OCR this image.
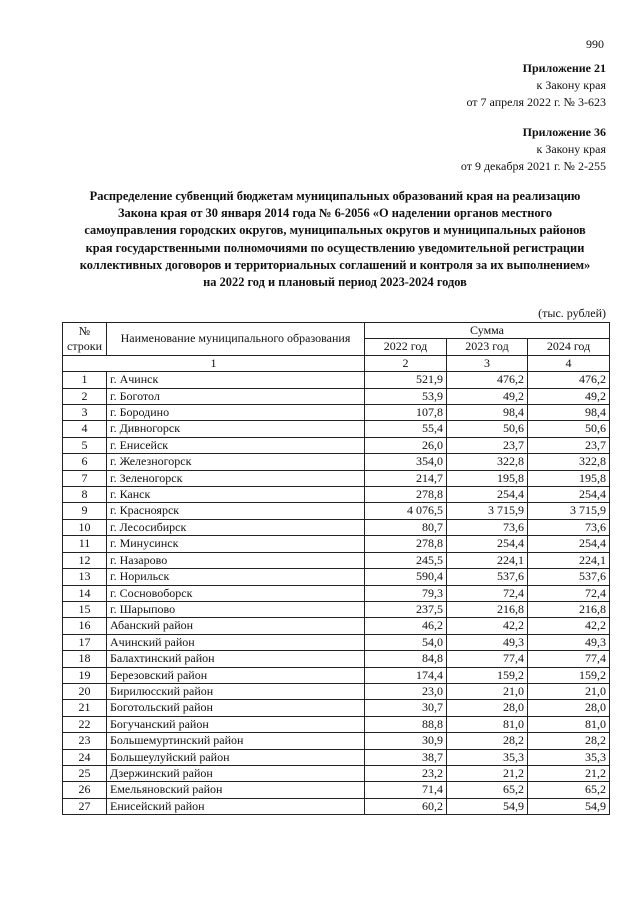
990
Приложение 21
к Закону края
от 7 апреля 2022 г. № 3-623
Приложение 36
к Закону края
от 9 декабря 2021 г. № 2-255
Распределение субвенций бюджетам муниципальных образований края на реализацию
Закона края от 30 января 2014 года № 6-2056 «О наделении органов местного
самоуправления городских округов, муниципальных округов и муниципальных районов
края государственными полномочиями по осуществлению уведомительной регистрации
коллективных договоров и территориальных соглашений и контроля за их выполнением»
на 2022 год и плановый период 2023-2024 годов
(тыс. рублей)
№
строки	Наименование муниципального образования	Сумма		
		2022 год	2023 год	2024 год
1		2	3	4
1	г. Ачинск	521,9	476,2	476,2
2	г. Боготол	53,9	49,2	49,2
3	г. Бородино	107,8	98,4	98,4
4	г. Дивногорск	55,4	50,6	50,6
5	г. Енисейск	26,0	23,7	23,7
6	г. Железногорск	354,0	322,8	322,8
7	г. Зеленогорск	214,7	195,8	195,8
8	г. Канск	278,8	254,4	254,4
9	г. Красноярск	4 076,5	3 715,9	3 715,9
10	г. Лесосибирск	80,7	73,6	73,6
11	г. Минусинск	278,8	254,4	254,4
12	г. Назарово	245,5	224,1	224,1
13	г. Норильск	590,4	537,6	537,6
14	г. Сосновоборск	79,3	72,4	72,4
15	г. Шарыпово	237,5	216,8	216,8
16	Абанский район	46,2	42,2	42,2
17	Ачинский район	54,0	49,3	49,3
18	Балахтинский район	84,8	77,4	77,4
19	Березовский район	174,4	159,2	159,2
20	Бирилюсский район	23,0	21,0	21,0
21	Боготольский район	30,7	28,0	28,0
22	Богучанский район	88,8	81,0	81,0
23	Большемуртинский район	30,9	28,2	28,2
24	Большеулуйский район	38,7	35,3	35,3
25	Дзержинский район	23,2	21,2	21,2
26	Емельяновский район	71,4	65,2	65,2
27	Енисейский район	60,2	54,9	54,9
